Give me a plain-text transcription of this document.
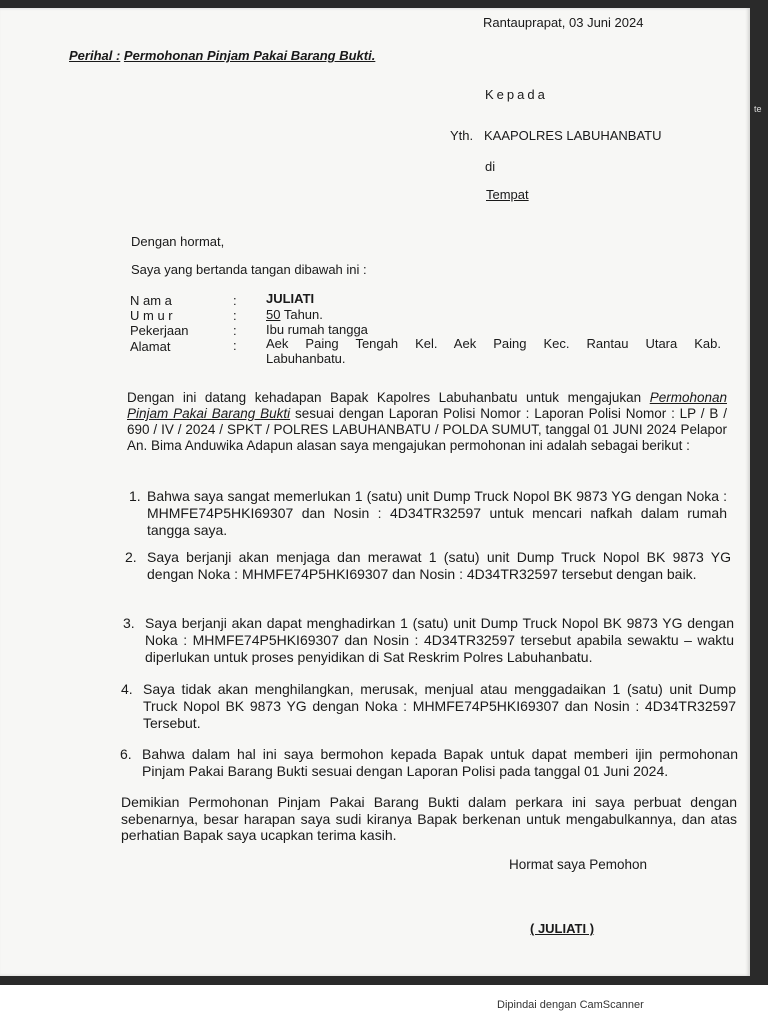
Rantauprapat, 03 Juni 2024
Perihal : Permohonan Pinjam Pakai Barang Bukti.
Kepada
Yth. KAAPOLRES LABUHANBATU
di
Tempat
Dengan hormat,
Saya yang bertanda tangan dibawah ini :
N am a	: JULIATI
U m u r	: 50 Tahun.
Pekerjaan	: Ibu rumah tangga
Alamat	: Aek Paing Tengah Kel. Aek Paing Kec. Rantau Utara Kab.
Labuhanbatu.
Dengan ini datang kehadapan Bapak Kapolres Labuhanbatu untuk mengajukan Permohonan Pinjam Pakai Barang Bukti sesuai dengan Laporan Polisi Nomor : Laporan Polisi Nomor : LP / B / 690 / IV / 2024 / SPKT / POLRES LABUHANBATU / POLDA SUMUT, tanggal 01 JUNI 2024 Pelapor An. Bima Anduwika Adapun alasan saya mengajukan permohonan ini adalah sebagai berikut :
1. Bahwa saya sangat memerlukan 1 (satu) unit Dump Truck Nopol BK 9873 YG dengan Noka : MHMFE74P5HKI69307 dan Nosin : 4D34TR32597 untuk mencari nafkah dalam rumah tangga saya.
2. Saya berjanji akan menjaga dan merawat 1 (satu) unit Dump Truck Nopol BK 9873 YG dengan Noka : MHMFE74P5HKI69307 dan Nosin : 4D34TR32597 tersebut dengan baik.
3. Saya berjanji akan dapat menghadirkan 1 (satu) unit Dump Truck Nopol BK 9873 YG dengan Noka : MHMFE74P5HKI69307 dan Nosin : 4D34TR32597 tersebut apabila sewaktu – waktu diperlukan untuk proses penyidikan di Sat Reskrim Polres Labuhanbatu.
4. Saya tidak akan menghilangkan, merusak, menjual atau menggadaikan 1 (satu) unit Dump Truck Nopol BK 9873 YG dengan Noka : MHMFE74P5HKI69307 dan Nosin : 4D34TR32597 Tersebut.
6. Bahwa dalam hal ini saya bermohon kepada Bapak untuk dapat memberi ijin permohonan Pinjam Pakai Barang Bukti sesuai dengan Laporan Polisi pada tanggal 01 Juni 2024.
Demikian Permohonan Pinjam Pakai Barang Bukti dalam perkara ini saya perbuat dengan sebenarnya, besar harapan saya sudi kiranya Bapak berkenan untuk mengabulkannya, dan atas perhatian Bapak saya ucapkan terima kasih.
Hormat saya Pemohon
( JULIATI )
te
Dipindai dengan CamScanner
